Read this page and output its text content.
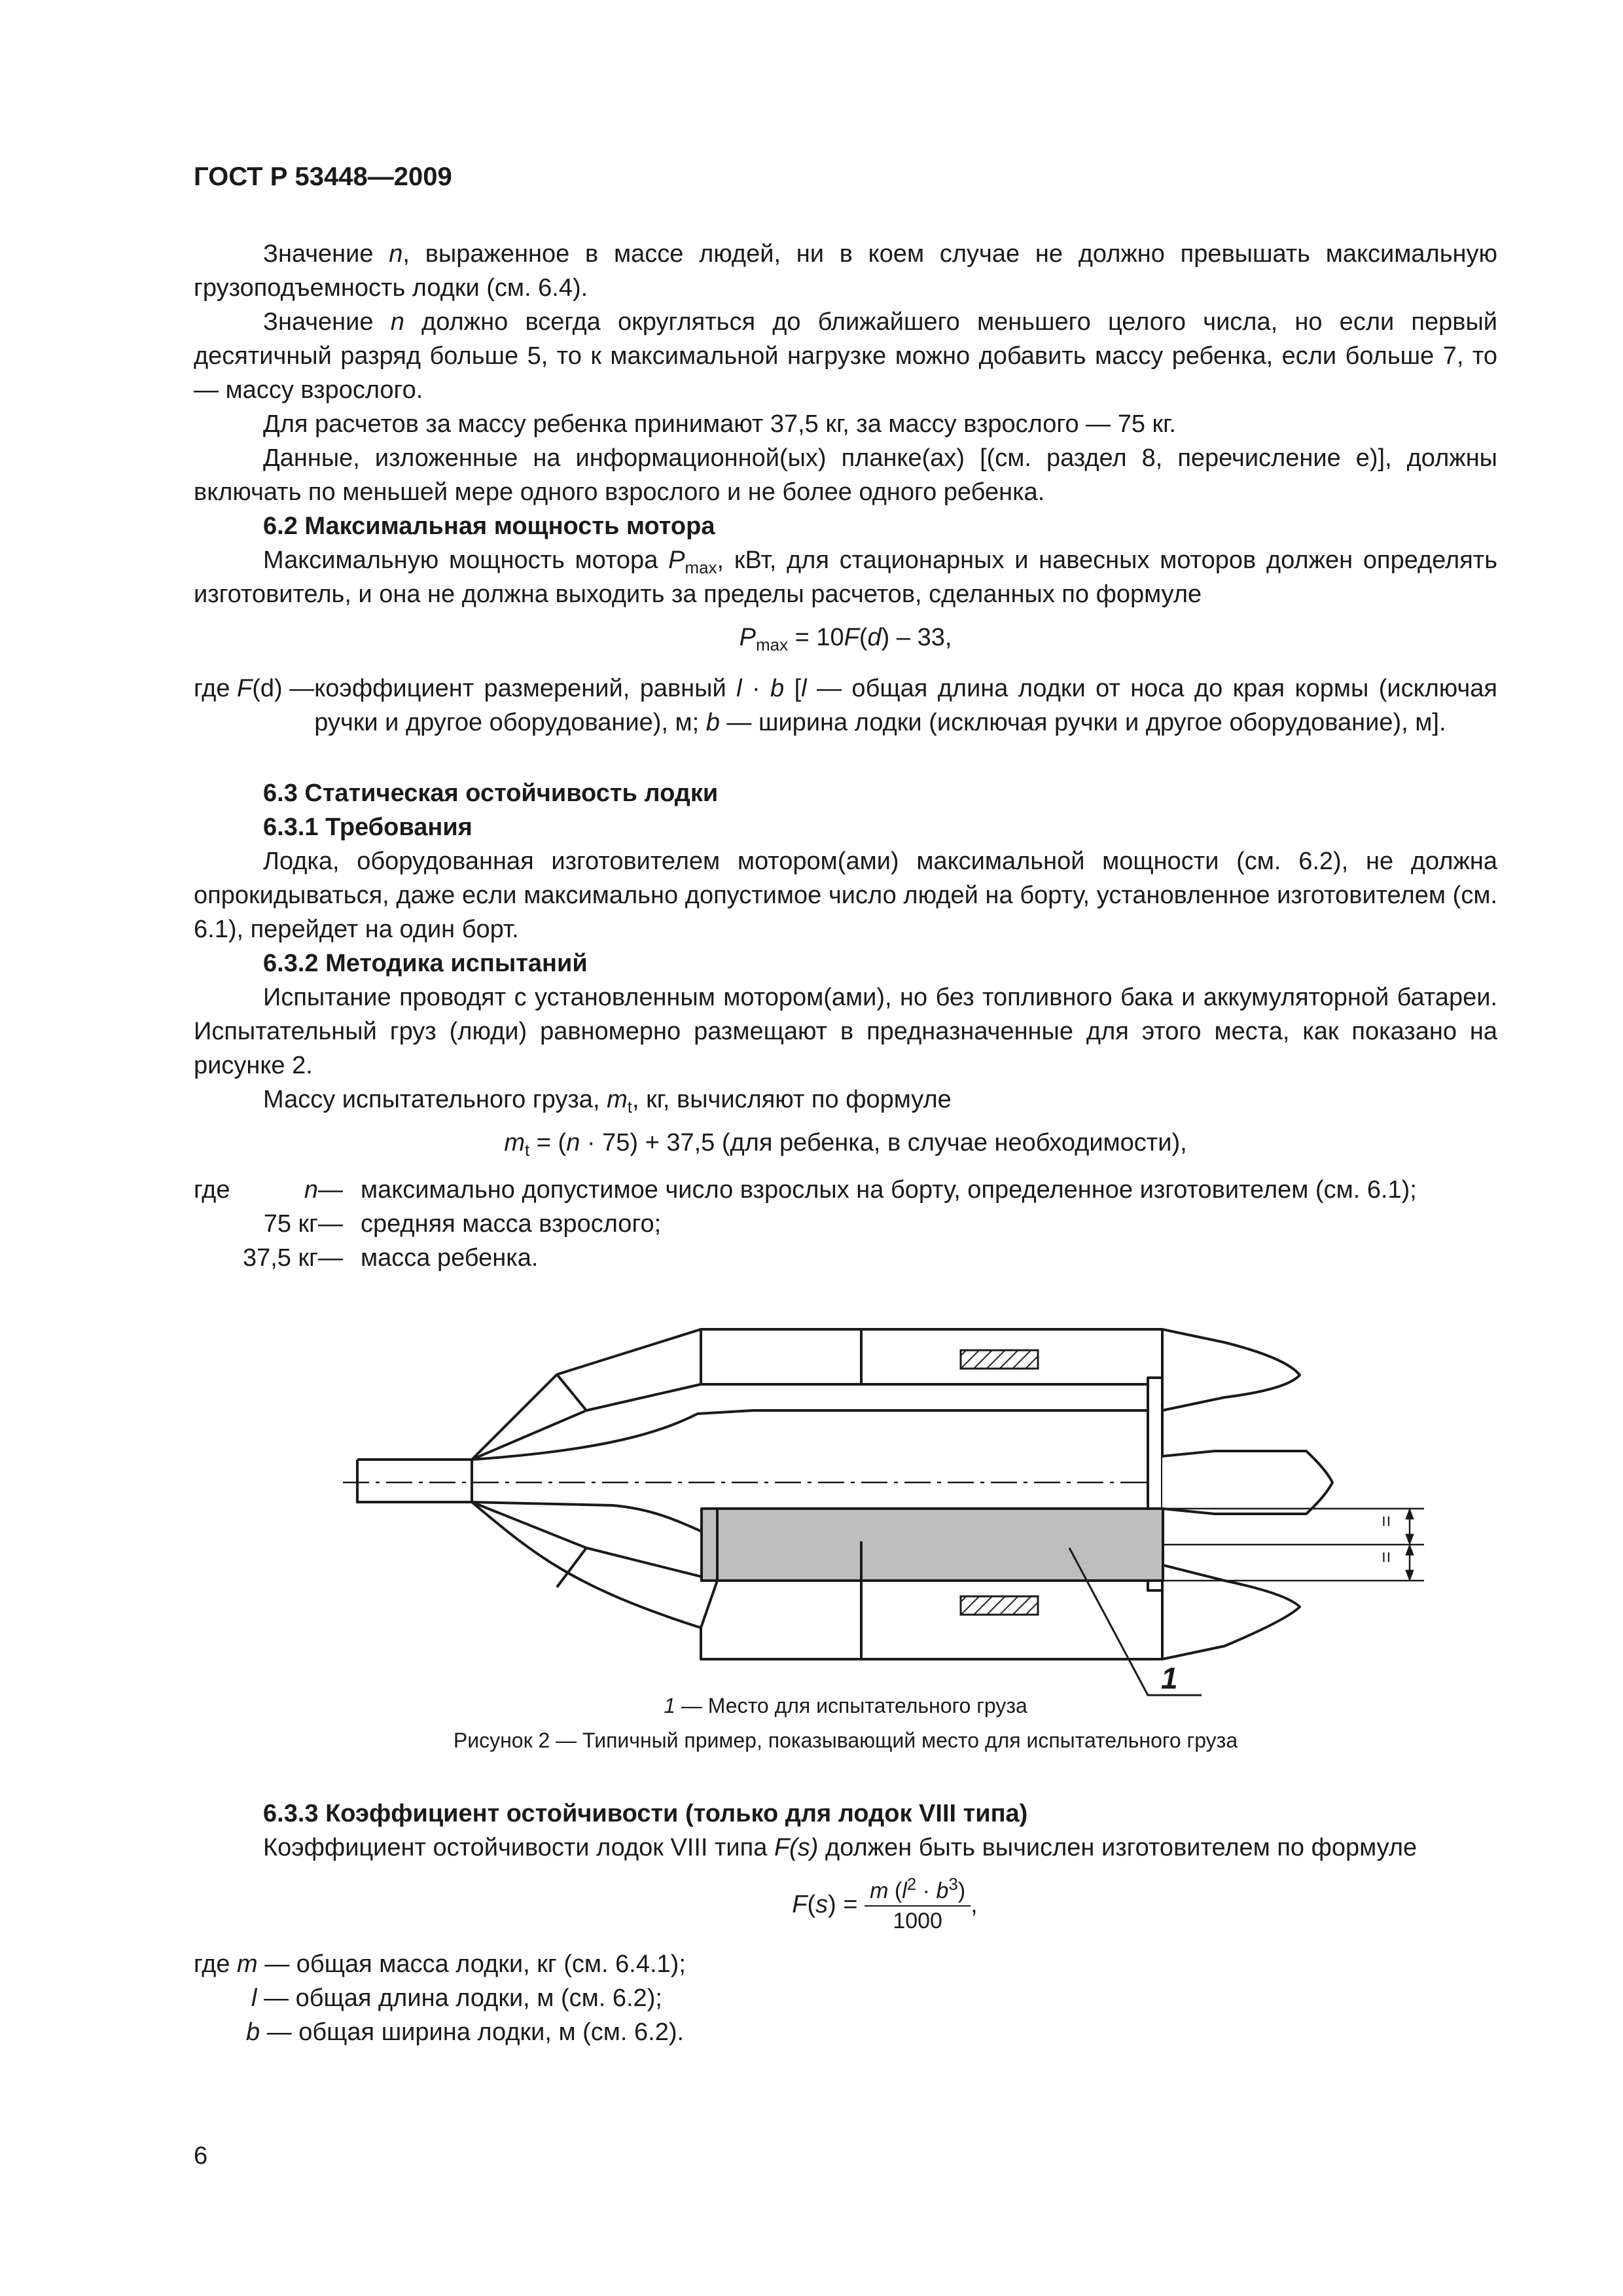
ГОСТ Р 53448—2009

Значение n, выраженное в массе людей, ни в коем случае не должно превышать максимальную грузоподъемность лодки (см. 6.4).

Значение n должно всегда округляться до ближайшего меньшего целого числа, но если первый десятичный разряд больше 5, то к максимальной нагрузке можно добавить массу ребенка, если больше 7, то — массу взрослого.

Для расчетов за массу ребенка принимают 37,5 кг, за массу взрослого — 75 кг.

Данные, изложенные на информационной(ых) планке(ах) [(см. раздел 8, перечисление е)], должны включать по меньшей мере одного взрослого и не более одного ребенка.

6.2 Максимальная мощность мотора

Максимальную мощность мотора $P_{max}$, кВт, для стационарных и навесных моторов должен определять изготовитель, и она не должна выходить за пределы расчетов, сделанных по формуле

$P_{max} = 10F(d) - 33$,

где F(d) — коэффициент размерений, равный l · b [l — общая длина лодки от носа до края кормы (исключая ручки и другое оборудование), м; b — ширина лодки (исключая ручки и другое оборудование), м].

6.3 Статическая остойчивость лодки

6.3.1 Требования

Лодка, оборудованная изготовителем мотором(ами) максимальной мощности (см. 6.2), не должна опрокидываться, даже если максимально допустимое число людей на борту, установленное изготовителем (см. 6.1), перейдет на один борт.

6.3.2 Методика испытаний

Испытание проводят с установленным мотором(ами), но без топливного бака и аккумуляторной батареи. Испытательный груз (люди) равномерно размещают в предназначенные для этого места, как показано на рисунке 2.

Массу испытательного груза, $m_t$, кг, вычисляют по формуле

$m_t = (n \cdot 75) + 37,5$ (для ребенка, в случае необходимости),

где	n — максимально допустимое число взрослых на борту, определенное изготовителем (см. 6.1);
75 кг — средняя масса взрослого;
37,5 кг — масса ребенка.
=
=
1

1 — Место для испытательного груза

Рисунок 2 — Типичный пример, показывающий место для испытательного груза

6.3.3 Коэффициент остойчивости (только для лодок VIII типа)

Коэффициент остойчивости лодок VIII типа F(s) должен быть вычислен изготовителем по формуле

$F(s) = \frac{m (l^2 \cdot b^3)}{1000}$ ,

где m — общая масса лодки, кг (см. 6.4.1);

l — общая длина лодки, м (см. 6.2);

b — общая ширина лодки, м (см. 6.2).

6
